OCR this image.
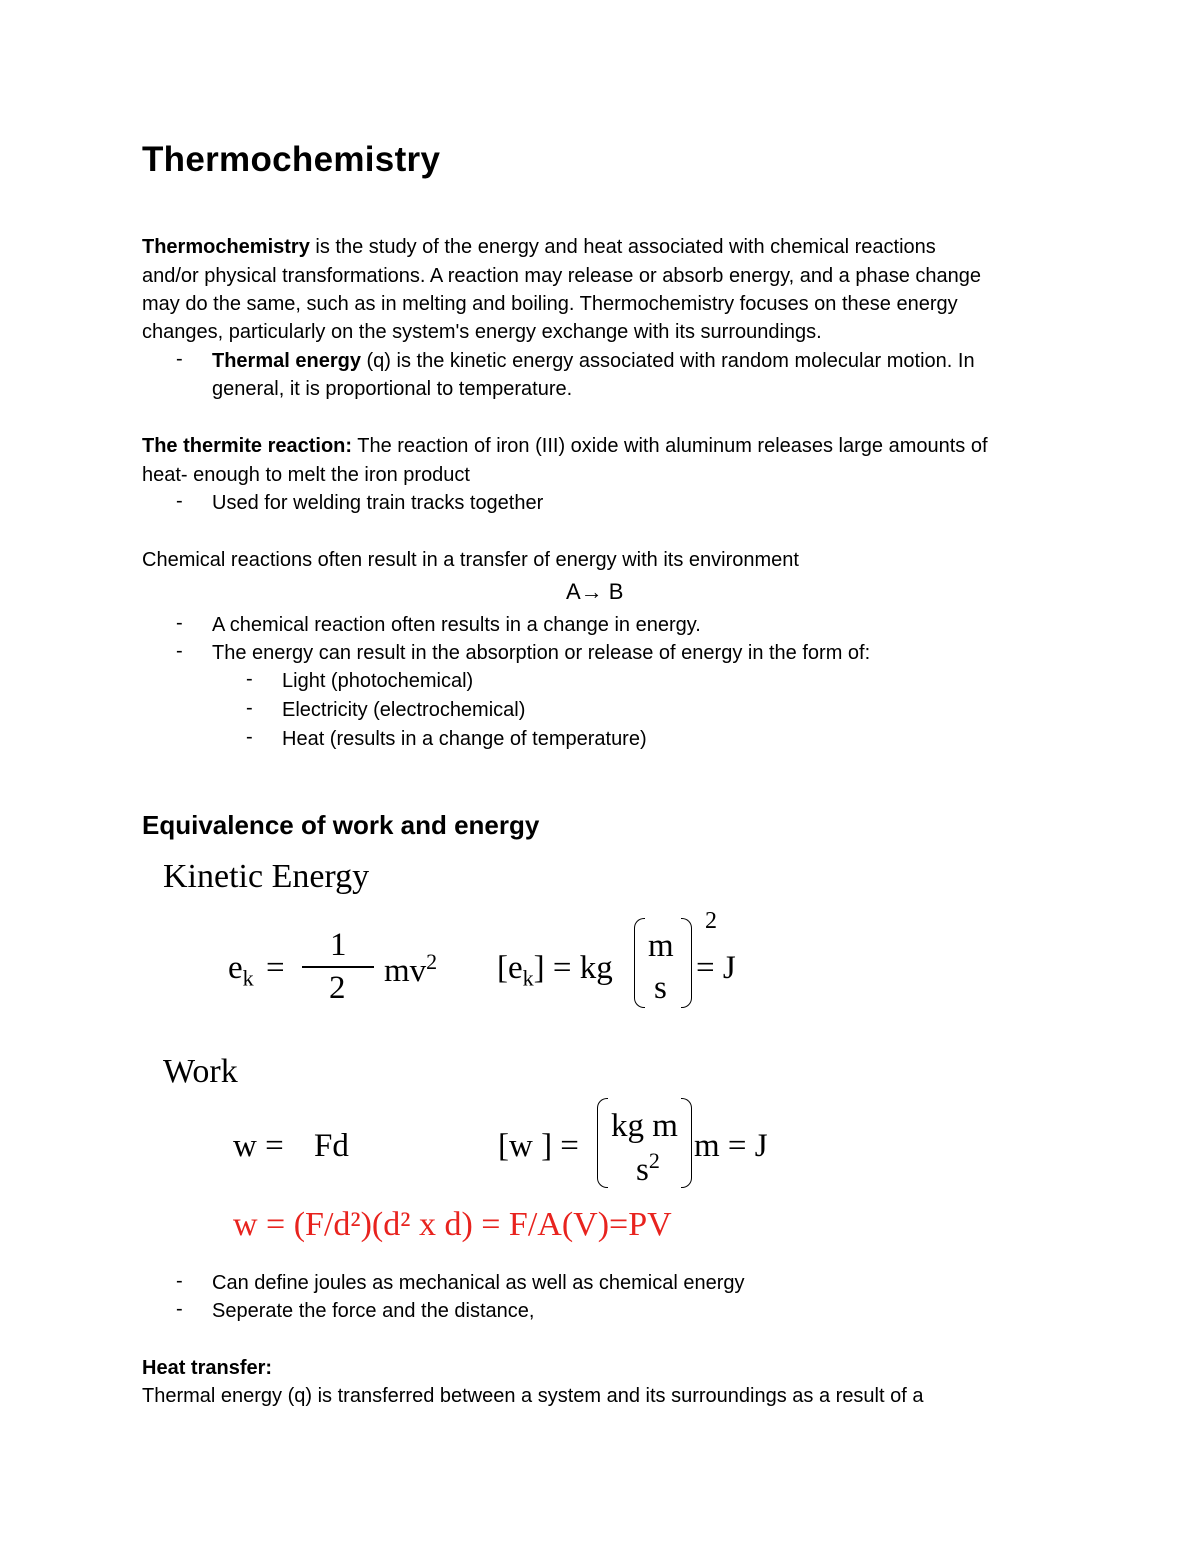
Thermochemistry
Thermochemistry is the study of the energy and heat associated with chemical reactions
and/or physical transformations. A reaction may release or absorb energy, and a phase change
may do the same, such as in melting and boiling. Thermochemistry focuses on these energy
changes, particularly on the system's energy exchange with its surroundings.
- Thermal energy (q) is the kinetic energy associated with random molecular motion. In
general, it is proportional to temperature.
The thermite reaction: The reaction of iron (III) oxide with aluminum releases large amounts of
heat- enough to melt the iron product
- Used for welding train tracks together
Chemical reactions often result in a transfer of energy with its environment
A→ B
- A chemical reaction often results in a change in energy.
- The energy can result in the absorption or release of energy in the form of:
- Light (photochemical)
- Electricity (electrochemical)
- Heat (results in a change of temperature)
Equivalence of work and energy
Kinetic Energy
$e_k$ =
1
2 $mv^2$ $[e_k]$ = kg
m
s
2
= J
Work
w = Fd	[w ] =
kg m
$s^2$ m = J
w = (F/d²)(d² x d) = F/A(V)=PV
- Can define joules as mechanical as well as chemical energy
- Seperate the force and the distance,
Heat transfer:
Thermal energy (q) is transferred between a system and its surroundings as a result of a
